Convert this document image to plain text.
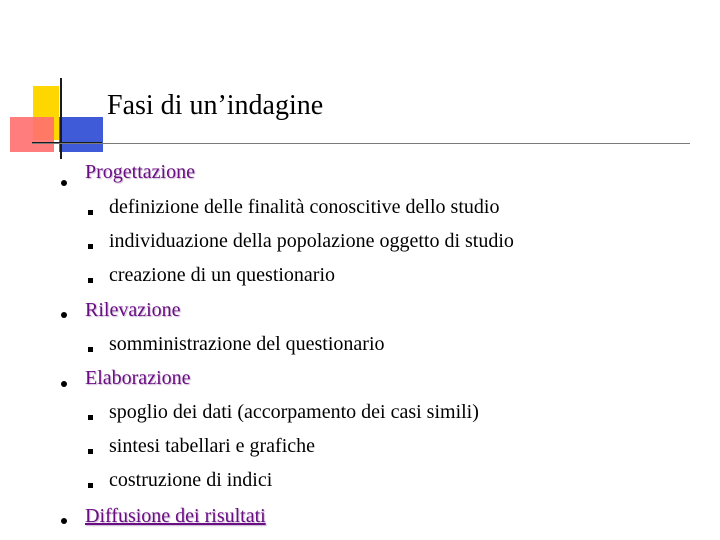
Fasi di un’indagine
Progettazione
definizione delle finalità conoscitive dello studio
individuazione della popolazione oggetto di studio
creazione di un questionario
Rilevazione
somministrazione del questionario
Elaborazione
spoglio dei dati (accorpamento dei casi simili)
sintesi tabellari e grafiche
costruzione di indici
Diffusione dei risultati
